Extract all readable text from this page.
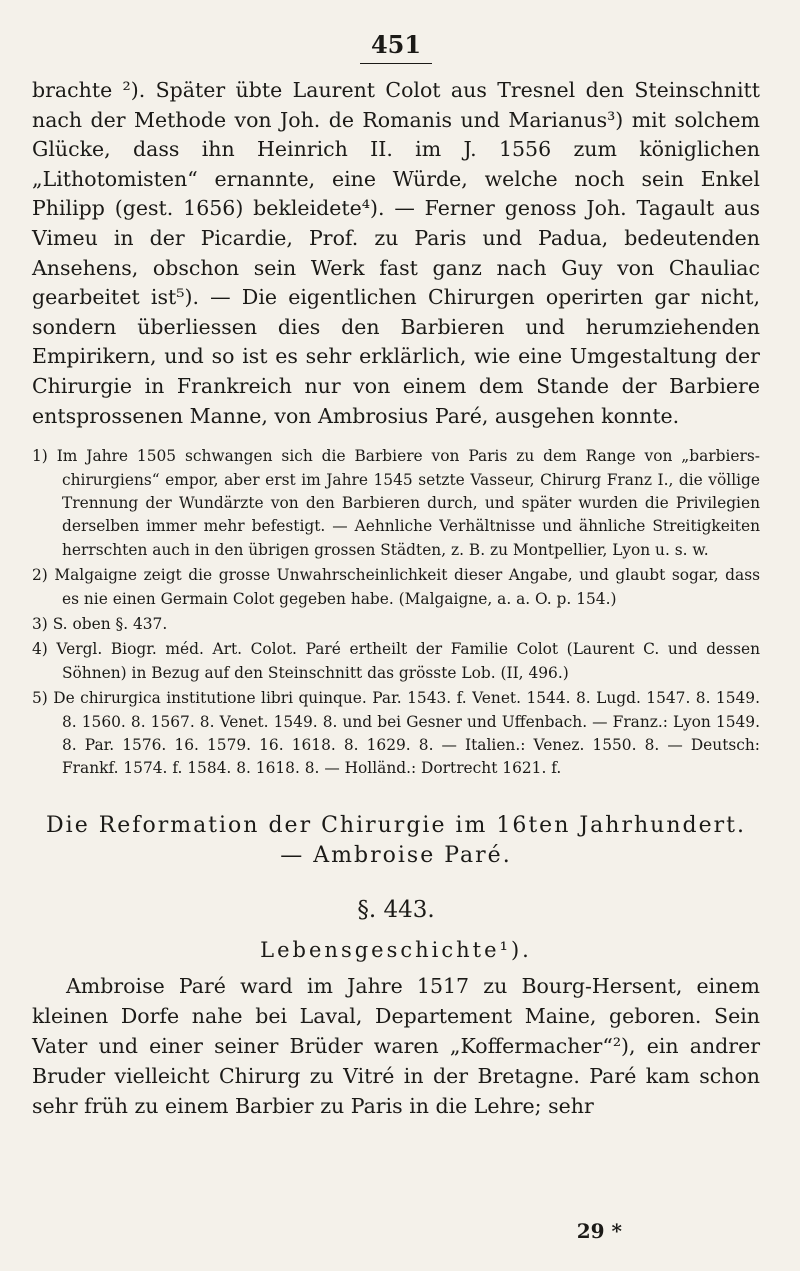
451

brachte ²). Später übte Laurent Colot aus Tresnel den Steinschnitt nach der Methode von Joh. de Romanis und Marianus³) mit solchem Glücke, dass ihn Heinrich II. im J. 1556 zum königlichen „Lithotomisten“ ernannte, eine Würde, welche noch sein Enkel Philipp (gest. 1656) bekleidete⁴). — Ferner genoss Joh. Tagault aus Vimeu in der Picardie, Prof. zu Paris und Padua, bedeutenden Ansehens, obschon sein Werk fast ganz nach Guy von Chauliac gearbeitet ist⁵). — Die eigentlichen Chirurgen operirten gar nicht, sondern überliessen dies den Barbieren und herumziehenden Empirikern, und so ist es sehr erklärlich, wie eine Umgestaltung der Chirurgie in Frankreich nur von einem dem Stande der Barbiere entsprossenen Manne, von Ambrosius Paré, ausgehen konnte.

1) Im Jahre 1505 schwangen sich die Barbiere von Paris zu dem Range von „barbiers-chirurgiens“ empor, aber erst im Jahre 1545 setzte Vasseur, Chirurg Franz I., die völlige Trennung der Wundärzte von den Barbieren durch, und später wurden die Privilegien derselben immer mehr befestigt. — Aehnliche Verhältnisse und ähnliche Streitigkeiten herrschten auch in den übrigen grossen Städten, z. B. zu Montpellier, Lyon u. s. w.

2) Malgaigne zeigt die grosse Unwahrscheinlichkeit dieser Angabe, und glaubt sogar, dass es nie einen Germain Colot gegeben habe. (Malgaigne, a. a. O. p. 154.)

3) S. oben §. 437.

4) Vergl. Biogr. méd. Art. Colot. Paré ertheilt der Familie Colot (Laurent C. und dessen Söhnen) in Bezug auf den Steinschnitt das grösste Lob. (II, 496.)

5) De chirurgica institutione libri quinque. Par. 1543. f. Venet. 1544. 8. Lugd. 1547. 8. 1549. 8. 1560. 8. 1567. 8. Venet. 1549. 8. und bei Gesner und Uffenbach. — Franz.: Lyon 1549. 8. Par. 1576. 16. 1579. 16. 1618. 8. 1629. 8. — Italien.: Venez. 1550. 8. — Deutsch: Frankf. 1574. f. 1584. 8. 1618. 8. — Holländ.: Dortrecht 1621. f.

Die Reformation der Chirurgie im 16ten Jahrhundert. — Ambroise Paré.
§. 443.
Lebensgeschichte¹).

Ambroise Paré ward im Jahre 1517 zu Bourg-Hersent, einem kleinen Dorfe nahe bei Laval, Departement Maine, geboren. Sein Vater und einer seiner Brüder waren „Koffermacher“²), ein andrer Bruder vielleicht Chirurg zu Vitré in der Bretagne. Paré kam schon sehr früh zu einem Barbier zu Paris in die Lehre; sehr

29 *
